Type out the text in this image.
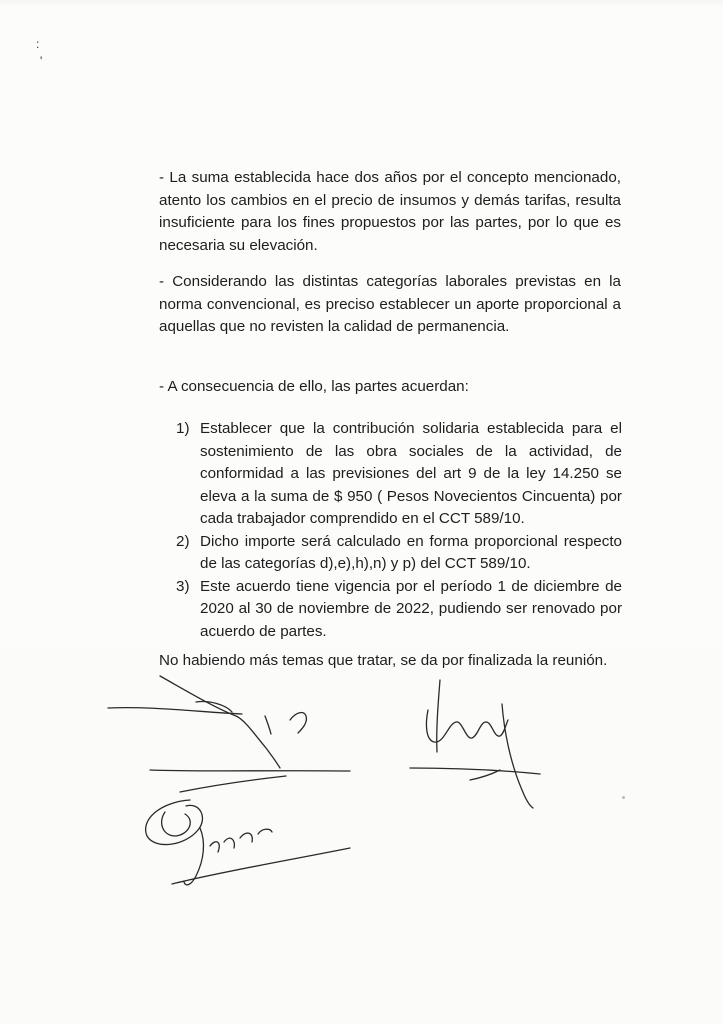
:
'

- La suma establecida hace dos años por el concepto mencionado, atento los cambios en el precio de insumos y demás tarifas, resulta insuficiente para los fines propuestos por las partes, por lo que es necesaria su elevación.

- Considerando las distintas categorías laborales previstas en la norma convencional, es preciso establecer un aporte proporcional a aquellas que no revisten la calidad de permanencia.

- A consecuencia de ello, las partes acuerdan:

1) Establecer que la contribución solidaria establecida para el sostenimiento de las obra sociales de la actividad, de conformidad a las previsiones del art 9 de la ley 14.250 se eleva a la suma de $ 950 ( Pesos Novecientos Cincuenta) por cada trabajador comprendido en el CCT 589/10.
2) Dicho importe será calculado en forma proporcional respecto de las categorías d),e),h),n) y p) del CCT 589/10.
3) Este acuerdo tiene vigencia por el período 1 de diciembre de 2020 al 30 de noviembre de 2022, pudiendo ser renovado por acuerdo de partes.

No habiendo más temas que tratar, se da por finalizada la reunión.
